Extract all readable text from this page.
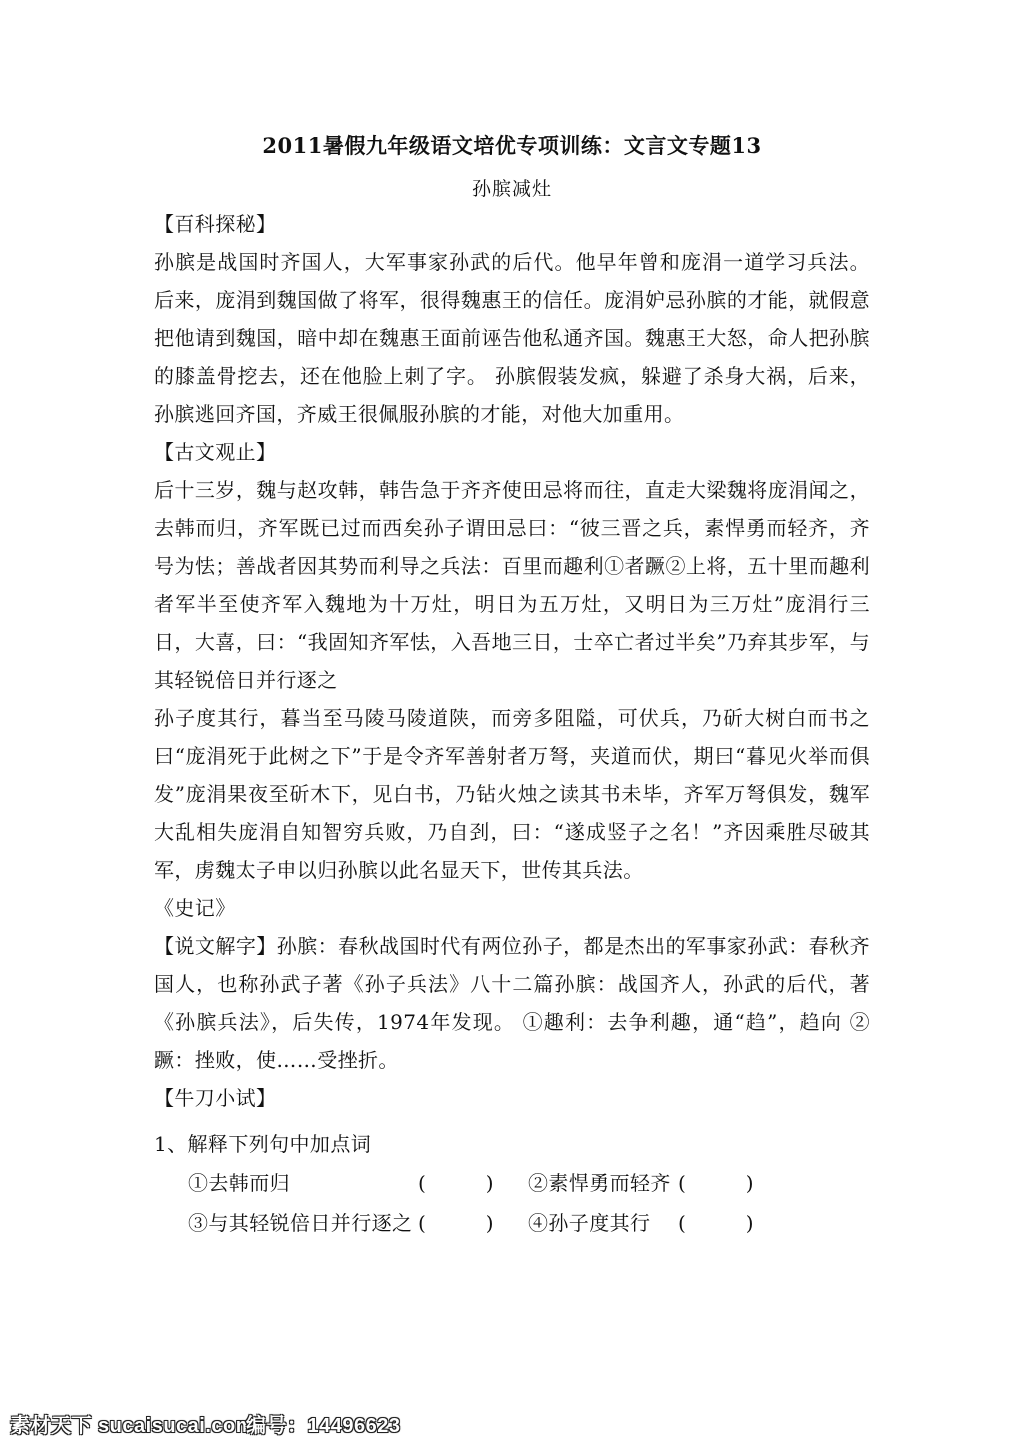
2011暑假九年级语文培优专项训练：文言文专题13
孙膑减灶
【百科探秘】

孙膑是战国时齐国人，大军事家孙武的后代。他早年曾和庞涓一道学习兵法。 后来，庞涓到魏国做了将军，很得魏惠王的信任。庞涓妒忌孙膑的才能，就假意把他请到魏国，暗中却在魏惠王面前诬告他私通齐国。魏惠王大怒，命人把孙膑的膝盖骨挖去，还在他脸上刺了字。 孙膑假装发疯，躲避了杀身大祸，后来，孙膑逃回齐国，齐威王很佩服孙膑的才能，对他大加重用。

【古文观止】

后十三岁，魏与赵攻韩，韩告急于齐齐使田忌将而往，直走大梁魏将庞涓闻之，去韩而归，齐军既已过而西矣孙子谓田忌曰：“彼三晋之兵，素悍勇而轻齐，齐号为怯；善战者因其势而利导之兵法：百里而趣利①者蹶②上将，五十里而趣利者军半至使齐军入魏地为十万灶，明日为五万灶，又明日为三万灶”庞涓行三日，大喜，曰：“我固知齐军怯，入吾地三日，士卒亡者过半矣”乃弃其步军，与其轻锐倍日并行逐之

孙子度其行，暮当至马陵马陵道陕，而旁多阻隘，可伏兵，乃斫大树白而书之曰“庞涓死于此树之下”于是令齐军善射者万弩，夹道而伏，期曰“暮见火举而俱发”庞涓果夜至斫木下，见白书，乃钻火烛之读其书未毕，齐军万弩俱发，魏军大乱相失庞涓自知智穷兵败，乃自刭，曰：“遂成竖子之名！”齐因乘胜尽破其军，虏魏太子申以归孙膑以此名显天下，世传其兵法。

《史记》

【说文解字】孙膑：春秋战国时代有两位孙子，都是杰出的军事家孙武：春秋齐国人，也称孙武子著《孙子兵法》八十二篇孙膑：战国齐人，孙武的后代，著《孙膑兵法》，后失传，1974年发现。 ①趣利：去争利趣，通“趋”，趋向 ②蹶：挫败，使……受挫折。

【牛刀小试】
1、解释下列句中加点词
①去韩而归	(	) ②素悍勇而轻齐 (	)
③与其轻锐倍日并行逐之 (	) ④孙子度其行	(	)
素材天下 sucaisucai.com
编号：14496623
